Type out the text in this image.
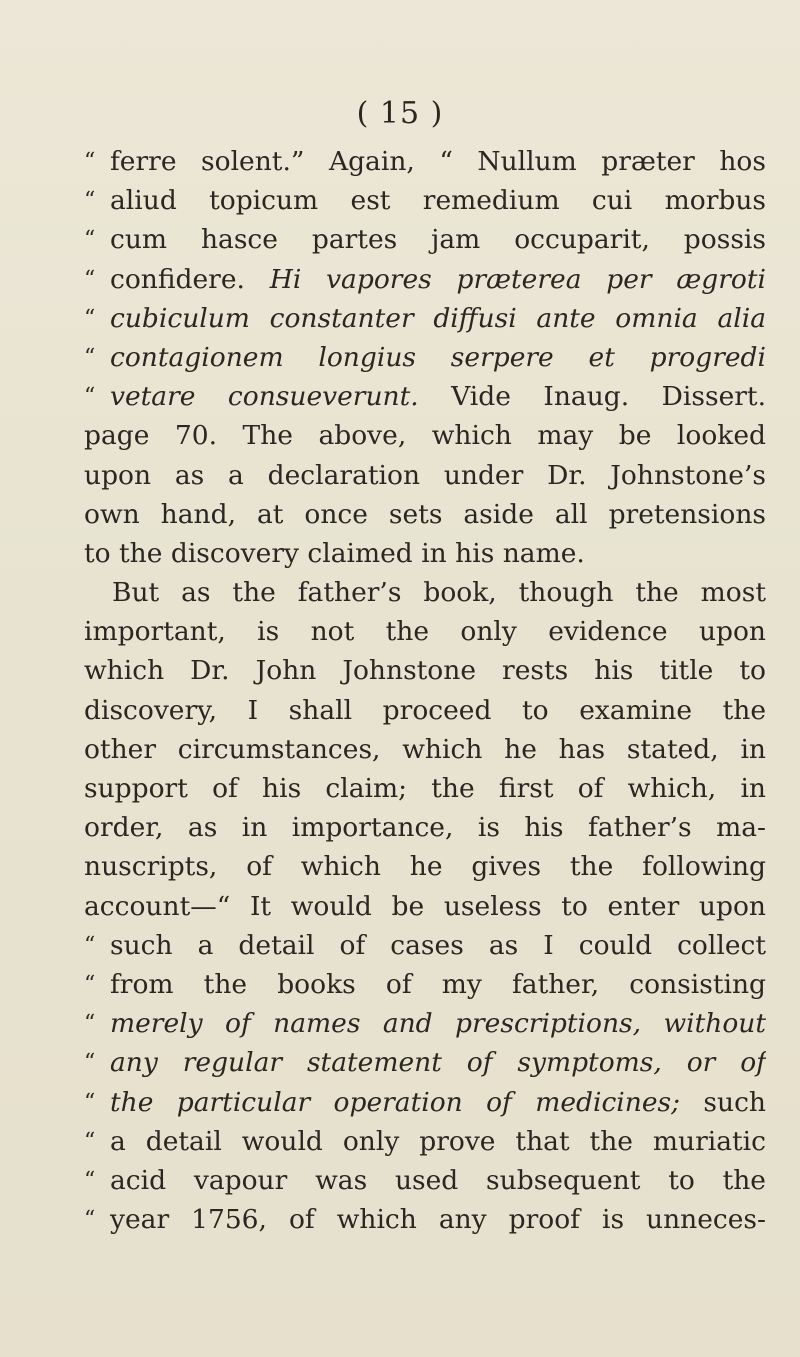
( 15 )
“ ferre solent.” Again, “ Nullum præter hos
“ aliud topicum est remedium cui morbus
“ cum hasce partes jam occuparit, possis
“ confidere. Hi vapores præterea per ægroti
“ cubiculum constanter diffusi ante omnia alia
“ contagionem longius serpere et progredi
“ vetare consueverunt. Vide Inaug. Dissert.
page 70. The above, which may be looked
upon as a declaration under Dr. Johnstone’s
own hand, at once sets aside all pretensions
to the discovery claimed in his name.
But as the father’s book, though the most
important, is not the only evidence upon
which Dr. John Johnstone rests his title to
discovery, I shall proceed to examine the
other circumstances, which he has stated, in
support of his claim; the first of which, in
order, as in importance, is his father’s ma-
nuscripts, of which he gives the following
account—“ It would be useless to enter upon
“ such a detail of cases as I could collect
“ from the books of my father, consisting
“ merely of names and prescriptions, without
“ any regular statement of symptoms, or of
“ the particular operation of medicines; such
“ a detail would only prove that the muriatic
“ acid vapour was used subsequent to the
“ year 1756, of which any proof is unneces-
